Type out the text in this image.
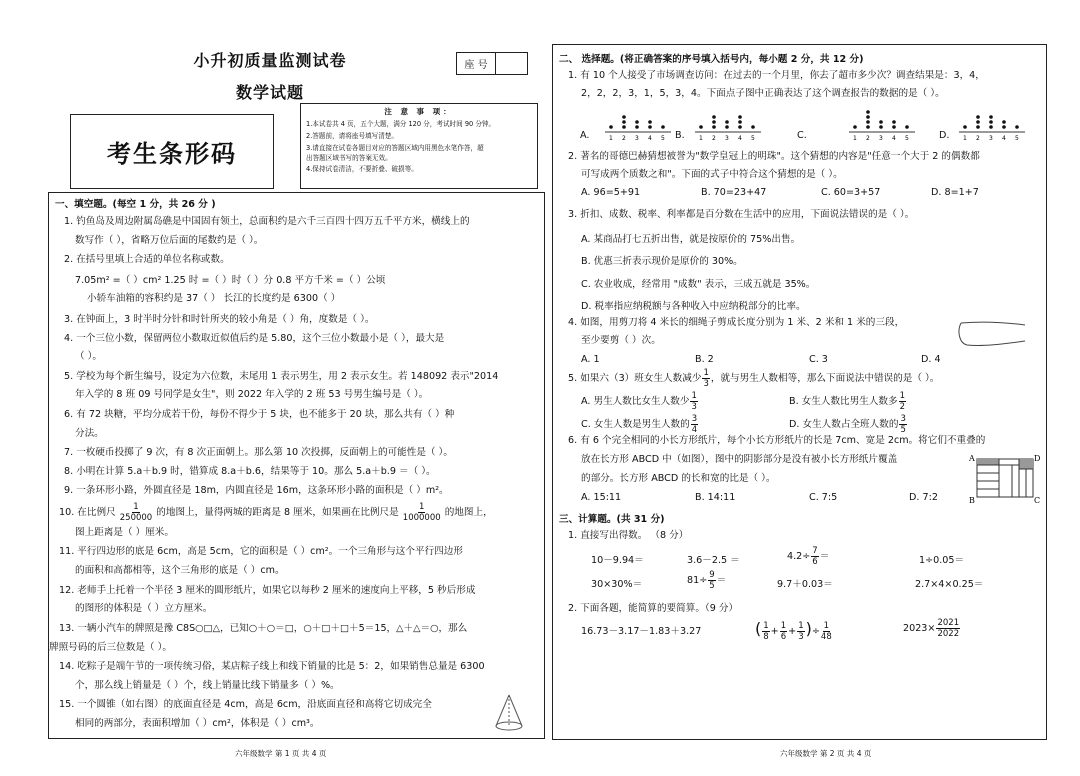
小升初质量监测试卷
数学试题
座 号
考生条形码
注 意 事 项：
1.本试卷共 4 页，五个大题，满分 120 分，考试时间 90 分钟。
2.答题前，请将座号填写清楚。
3.请直接在试卷各题目对应的答题区域内用黑色水笔作答，超
出答题区域书写的答案无效。
4.保持试卷清洁，不要折叠、破损等。
一、填空题。(每空 1 分，共 26 分 )
1. 钓鱼岛及周边附属岛礁是中国固有领土，总面积约是六千三百四十四万五千平方米，横线上的
数写作（ ），省略万位后面的尾数约是（ ）。
2. 在括号里填上合适的单位名称或数。
7.05m² =（ ）cm² 1.25 时 =（ ）时（ ）分 0.8 平方千米 =（ ）公顷
小轿车油箱的容积约是 37（ ） 长江的长度约是 6300（ ）
3. 在钟面上，3 时半时分针和时针所夹的较小角是（ ）角，度数是（ ）。
4. 一个三位小数，保留两位小数取近似值后约是 5.80，这个三位小数最小是（ ），最大是
（ ）。
5. 学校为每个新生编号，设定为六位数，末尾用 1 表示男生，用 2 表示女生。若 148092 表示"2014
年入学的 8 班 09 号同学是女生"，则 2022 年入学的 2 班 53 号男生编号是（ ）。
6. 有 72 块糖，平均分成若干份，每份不得少于 5 块，也不能多于 20 块，那么共有（ ）种
分法。
7. 一枚硬币投掷了 9 次，有 8 次正面朝上。那么第 10 次投掷，反面朝上的可能性是（ ）。
8. 小明在计算 5.a＋b.9 时，错算成 8.a＋b.6，结果等于 10。那么 5.a＋b.9 ＝（ ）。
9. 一条环形小路，外圆直径是 18m，内圆直径是 16m，这条环形小路的面积是（ ）m²。
10. 在比例尺 $\frac{1}{250000}$ 的地图上，量得两城的距离是 8 厘米，如果画在比例尺是 $\frac{1}{1000000}$ 的地图上，
图上距离是（ ）厘米。
11. 平行四边形的底是 6cm，高是 5cm，它的面积是（ ）cm²。一个三角形与这个平行四边形
的面积和高都相等，这个三角形的底是（ ）cm。
12. 老师手上托着一个半径 3 厘米的圆形纸片，如果它以每秒 2 厘米的速度向上平移，5 秒后形成
的图形的体积是（ ）立方厘米。
13. 一辆小汽车的牌照是豫 C8S○□△，已知○＋○＝□，○＋□＋□＋5＝15，△＋△＝○，那么
牌照号码的后三位数是（ ）。
14. 吃粽子是端午节的一项传统习俗，某店粽子线上和线下销量的比是 5：2，如果销售总量是 6300
个，那么线上销量是（ ）个，线上销量比线下销量多（ ）%。
15. 一个圆锥（如右图）的底面直径是 4cm，高是 6cm，沿底面直径和高将它切成完全
相同的两部分，表面积增加（ ）cm²，体积是（ ）cm³。
六年级数学 第 1 页 共 4 页
二、 选择题。(将正确答案的序号填入括号内，每小题 2 分，共 12 分)
1. 有 10 个人接受了市场调查访问：在过去的一个月里，你去了超市多少次？调查结果是：3，4，
2，2，2，3，1，5，3，4。下面点子图中正确表达了这个调查报告的数据的是（ ）。
A.	1 2 3 4 5 B. 1 2 3 4 5	C.	1 2 3 4 5	D. 1 2 3 4 5
2. 著名的哥德巴赫猜想被誉为"数学皇冠上的明珠"。这个猜想的内容是"任意一个大于 2 的偶数都
可写成两个质数之和"。下面的式子中符合这个猜想的是（ ）。
A. 96=5+91	B. 70=23+47	C. 60=3+57	D. 8=1+7
3. 折扣、成数、税率、利率都是百分数在生活中的应用，下面说法错误的是（ ）。
A. 某商品打七五折出售，就是按原价的 75%出售。
B. 优惠三折表示现价是原价的 30%。
C. 农业收成，经常用 "成数" 表示，三成五就是 35%。
D. 税率指应纳税额与各种收入中应纳税部分的比率。
4. 如图，用剪刀将 4 米长的细绳子剪成长度分别为 1 米、2 米和 1 米的三段，
至少要剪（ ）次。
A. 1	B. 2	C. 3	D. 4
5. 如果六（3）班女生人数减少 $\frac{1}{3}$ ，就与男生人数相等，那么下面说法中错误的是（ ）。
A. 男生人数比女生人数少 $\frac{1}{3}$	B. 女生人数比男生人数多 $\frac{1}{2}$
C. 女生人数是男生人数的 $\frac{3}{4}$	D. 女生人数占全班人数的 $\frac{3}{5}$
6. 有 6 个完全相同的小长方形纸片，每个小长方形纸片的长是 7cm、宽是 2cm。将它们不重叠的
放在长方形 ABCD 中（如图），图中的阴影部分是没有被小长方形纸片覆盖
的部分。长方形 ABCD 的长和宽的比是（ ）。
A	D
B	C
A. 15:11	B. 14:11	C. 7:5	D. 7:2
三、计算题。(共 31 分)
1. 直接写出得数。 （8 分）
10－9.94＝	3.6－2.5 ＝	$4.2\div \frac{7}{6}$ ＝	1÷0.05＝
30×30%＝	$81\div \frac{9}{5}$ ＝	9.7＋0.03＝	2.7×4×0.25＝
2. 下面各题，能简算的要简算。（9 分）
16.73－3.17－1.83＋3.27	( $\frac{1}{8} + \frac{1}{6} + \frac{1}{3}$ )÷ $\frac{1}{48}$	$2023\times \frac{2021}{2022}$
六年级数学 第 2 页 共 4 页
